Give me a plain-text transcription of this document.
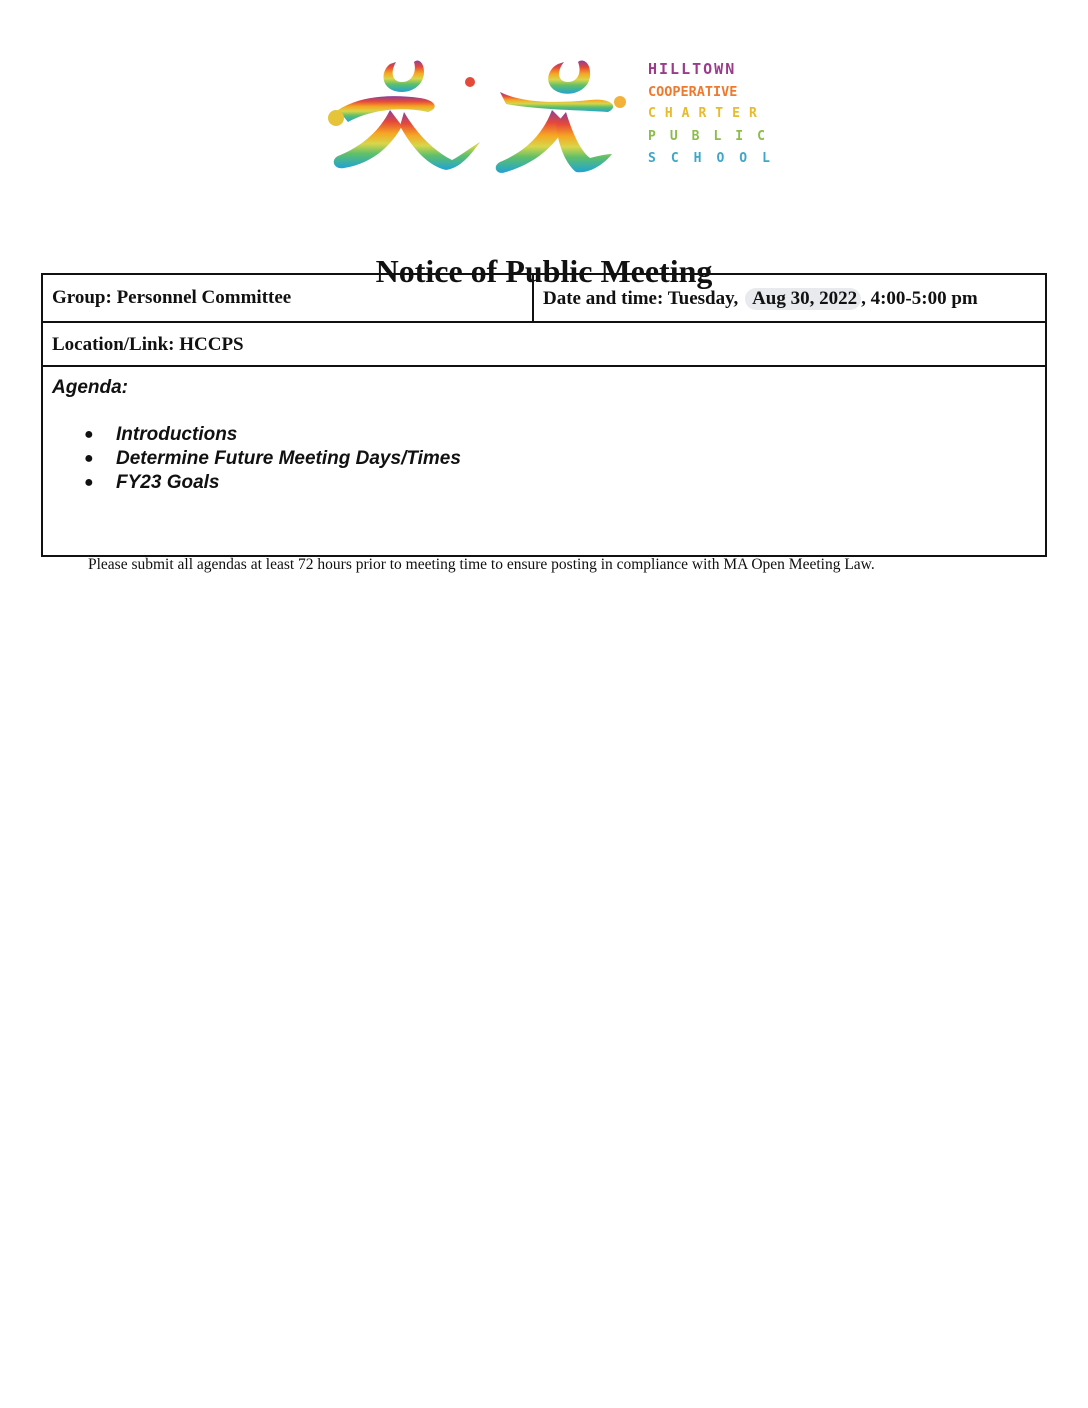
HILLTOWN
COOPERATIVE
CHARTER
PUBLIC
SCHOOL
Notice of Public Meeting
Group: Personnel Committee	Date and time: Tuesday, Aug 30, 2022 , 4:00-5:00 pm
Location/Link: HCCPS

Agenda:

● Introductions
● Determine Future Meeting Days/Times
● FY23 Goals
Please submit all agendas at least 72 hours prior to meeting time to ensure posting in compliance with MA Open Meeting Law.
